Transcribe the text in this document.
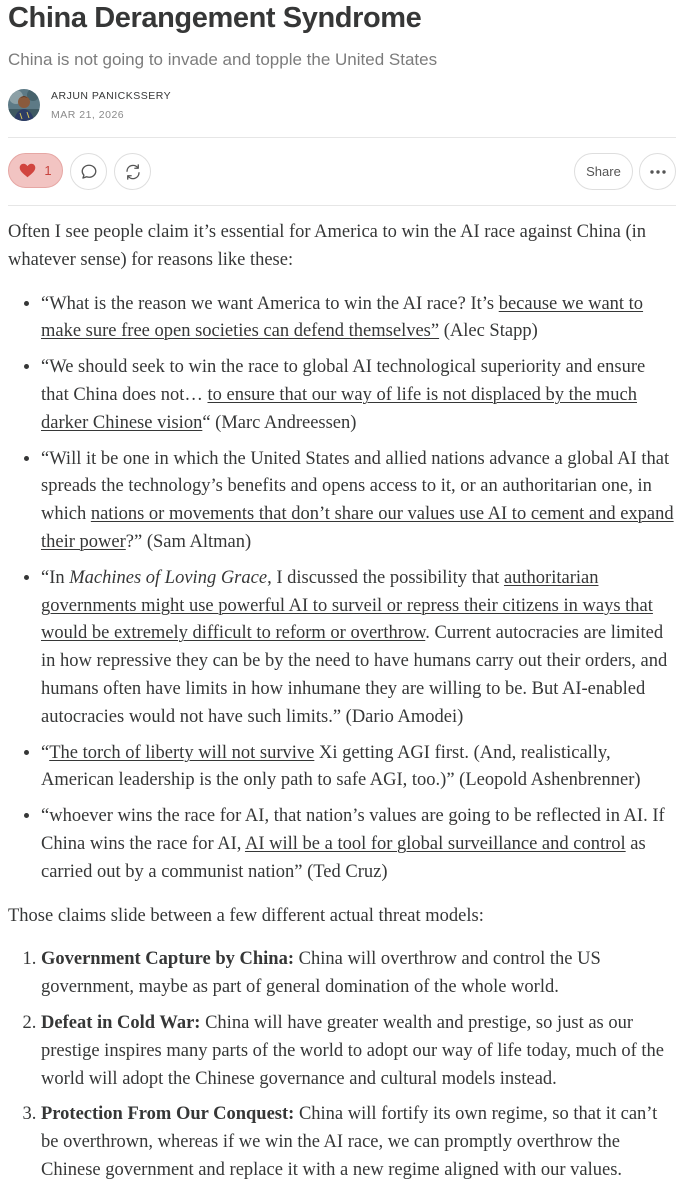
China Derangement Syndrome

China is not going to invade and topple the United States

ARJUN PANICKSSERY
MAR 21, 2026
1	Share

Often I see people claim it’s essential for America to win the AI race against China (in whatever sense) for reasons like these:

• “What is the reason we want America to win the AI race? It’s because we want to make sure free open societies can defend themselves” (Alec Stapp)
• “We should seek to win the race to global AI technological superiority and ensure that China does not… to ensure that our way of life is not displaced by the much darker Chinese vision“ (Marc Andreessen)
• “Will it be one in which the United States and allied nations advance a global AI that spreads the technology’s benefits and opens access to it, or an authoritarian one, in which nations or movements that don’t share our values use AI to cement and expand their power?” (Sam Altman)
• “In Machines of Loving Grace, I discussed the possibility that authoritarian governments might use powerful AI to surveil or repress their citizens in ways that would be extremely difficult to reform or overthrow. Current autocracies are limited in how repressive they can be by the need to have humans carry out their orders, and humans often have limits in how inhumane they are willing to be. But AI-enabled autocracies would not have such limits.” (Dario Amodei)
• “The torch of liberty will not survive Xi getting AGI first. (And, realistically, American leadership is the only path to safe AGI, too.)” (Leopold Ashenbrenner)
• “whoever wins the race for AI, that nation’s values are going to be reflected in AI. If China wins the race for AI, AI will be a tool for global surveillance and control as carried out by a communist nation” (Ted Cruz)

Those claims slide between a few different actual threat models:

1. Government Capture by China: China will overthrow and control the US government, maybe as part of general domination of the whole world.
2. Defeat in Cold War: China will have greater wealth and prestige, so just as our prestige inspires many parts of the world to adopt our way of life today, much of the world will adopt the Chinese governance and cultural models instead.
3. Protection From Our Conquest: China will fortify its own regime, so that it can’t be overthrown, whereas if we win the AI race, we can promptly overthrow the Chinese government and replace it with a new regime aligned with our values.
